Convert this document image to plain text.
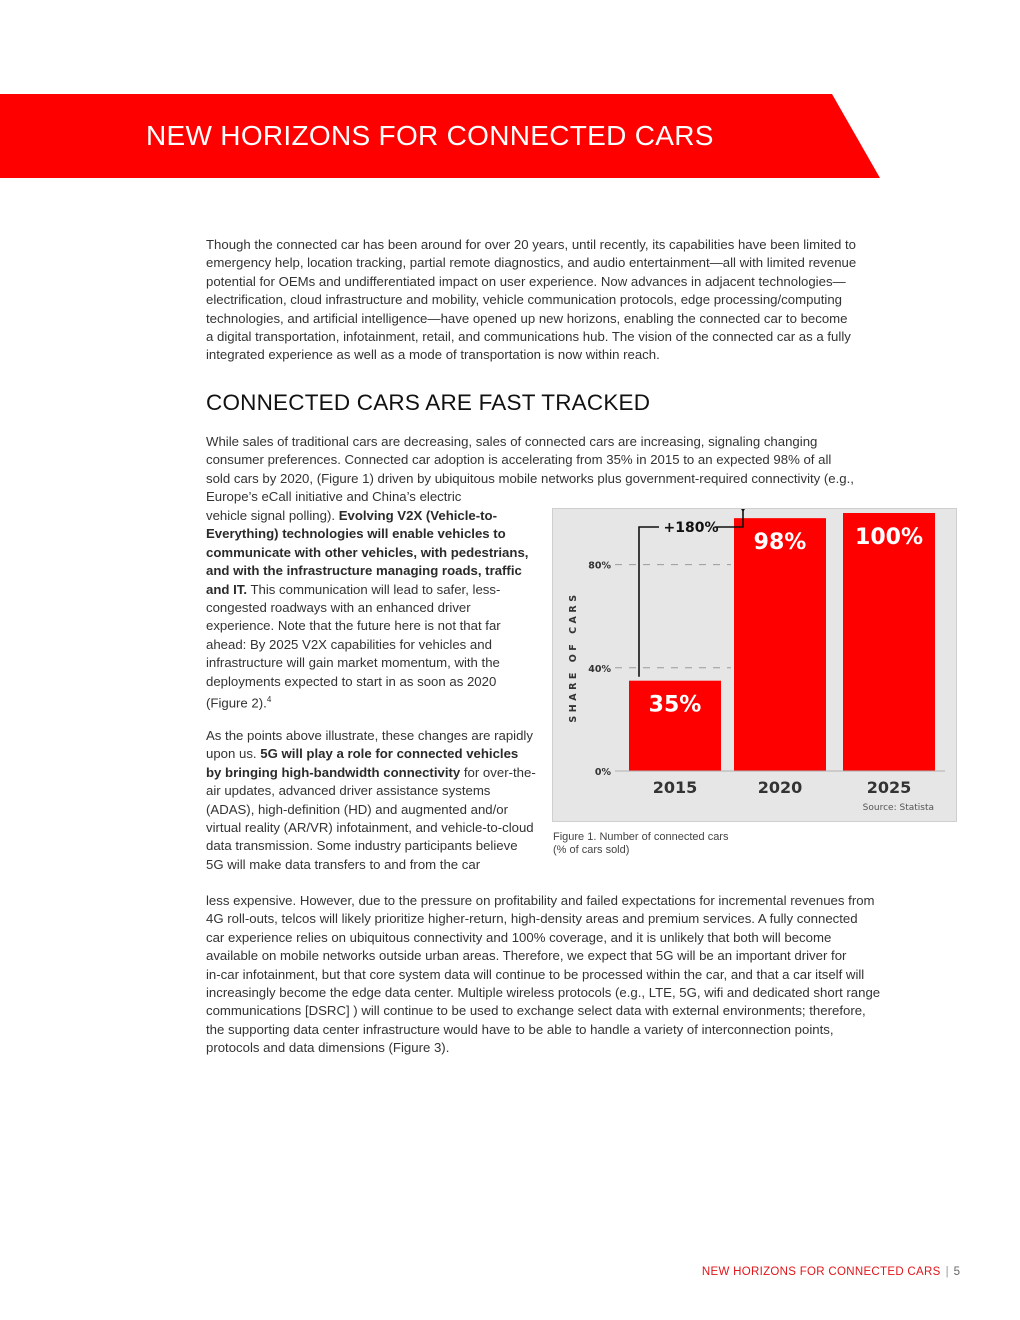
NEW HORIZONS FOR CONNECTED CARS
Though the connected car has been around for over 20 years, until recently, its capabilities have been limited to
emergency help, location tracking, partial remote diagnostics, and audio entertainment—all with limited revenue
potential for OEMs and undifferentiated impact on user experience. Now advances in adjacent technologies—
electrification, cloud infrastructure and mobility, vehicle communication protocols, edge processing/computing
technologies, and artificial intelligence—have opened up new horizons, enabling the connected car to become
a digital transportation, infotainment, retail, and communications hub. The vision of the connected car as a fully
integrated experience as well as a mode of transportation is now within reach.
CONNECTED CARS ARE FAST TRACKED
While sales of traditional cars are decreasing, sales of connected cars are increasing, signaling changing
consumer preferences. Connected car adoption is accelerating from 35% in 2015 to an expected 98% of all
sold cars by 2020, (Figure 1) driven by ubiquitous mobile networks plus government-required connectivity (e.g.,
Europe’s eCall initiative and China’s electric
vehicle signal polling). Evolving V2X (Vehicle-to-Everything) technologies will enable vehicles to communicate with other vehicles, with pedestrians, and with the infrastructure managing roads, traffic and IT. This communication will lead to safer, less-congested roadways with an enhanced driver experience. Note that the future here is not that far ahead: By 2025 V2X capabilities for vehicles and infrastructure will gain market momentum, with the deployments expected to start in as soon as 2020 (Figure 2).$^4$
As the points above illustrate, these changes are rapidly upon us. 5G will play a role for connected vehicles by bringing high-bandwidth connectivity for over-the-air updates, advanced driver assistance systems (ADAS), high-definition (HD) and augmented and/or virtual reality (AR/VR) infotainment, and vehicle-to-cloud data transmission. Some industry participants believe 5G will make data transfers to and from the car
less expensive. However, due to the pressure on profitability and failed expectations for incremental revenues from
4G roll-outs, telcos will likely prioritize higher-return, high-density areas and premium services. A fully connected
car experience relies on ubiquitous connectivity and 100% coverage, and it is unlikely that both will become
available on mobile networks outside urban areas. Therefore, we expect that 5G will be an important driver for
in-car infotainment, but that core system data will continue to be processed within the car, and that a car itself will
increasingly become the edge data center. Multiple wireless protocols (e.g., LTE, 5G, wifi and dedicated short range
communications [DSRC] ) will continue to be used to exchange select data with external environments; therefore,
the supporting data center infrastructure would have to be able to handle a variety of interconnection points,
protocols and data dimensions (Figure 3).
0%
40%
80%
SHARE OF CARS	35%
98% 100%
2015	2020	2025
+180%
Source: Statista
Figure 1. Number of connected cars
(% of cars sold)
NEW HORIZONS FOR CONNECTED CARS | 5
